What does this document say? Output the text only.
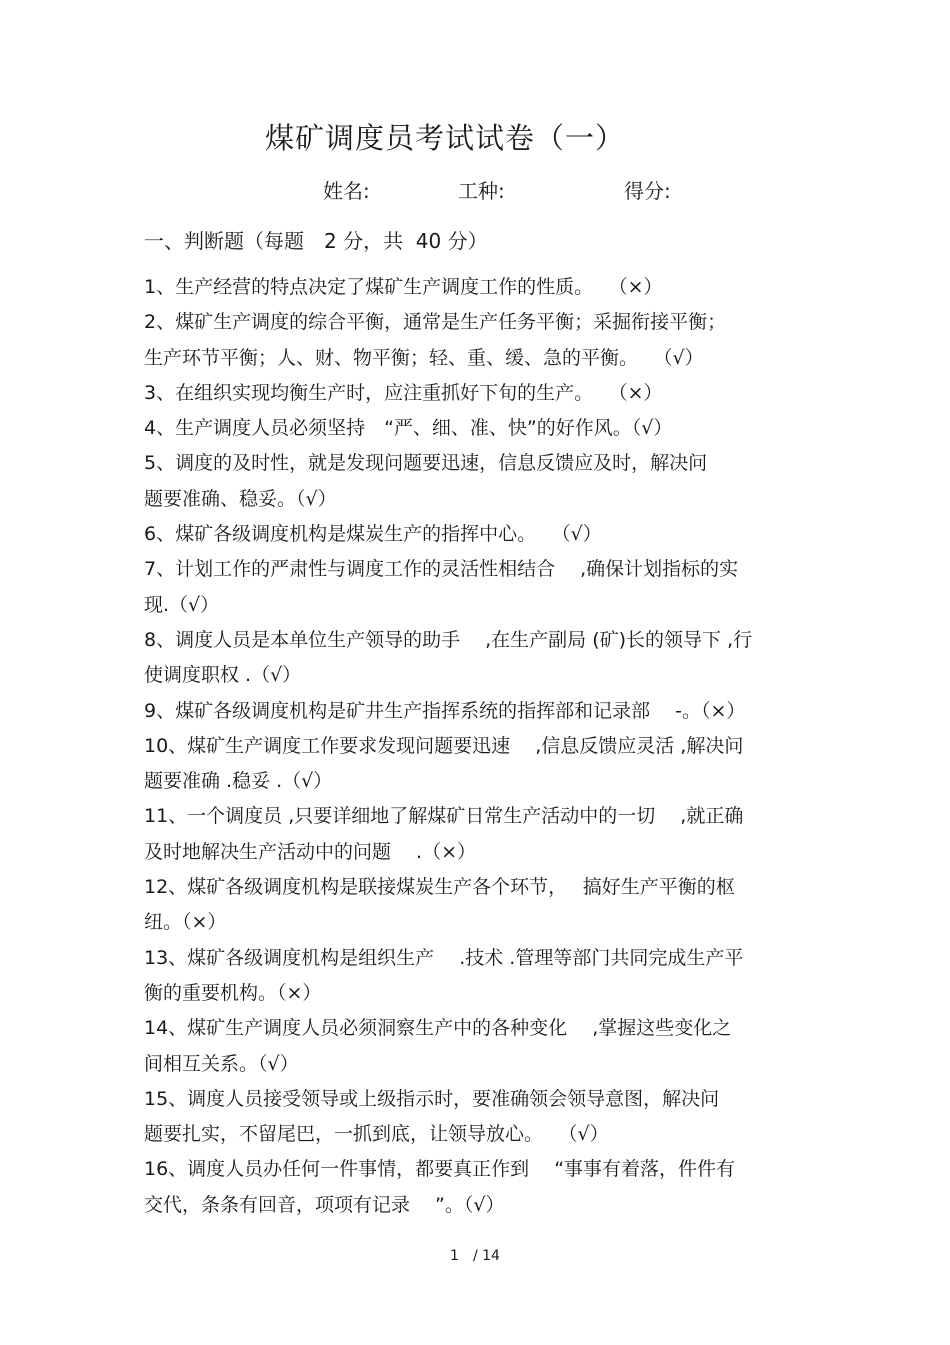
煤矿调度员考试试卷（一）
姓名:	工种:	得分:
一、判断题（每题　2 分，共  40 分）
1、生产经营的特点决定了煤矿生产调度工作的性质。　 （×）
2、煤矿生产调度的综合平衡，通常是生产任务平衡；采掘衔接平衡；
生产环节平衡；人、财、物平衡；轻、重、缓、急的平衡。　 （√）
3、在组织实现均衡生产时，应注重抓好下旬的生产。　 （×）
4、生产调度人员必须坚持　“严、细、准、快”的好作风。（√）
5、调度的及时性，就是发现问题要迅速，信息反馈应及时，解决问
题要准确、稳妥。（√）
6、煤矿各级调度机构是煤炭生产的指挥中心。　 （√）
7、计划工作的严肃性与调度工作的灵活性相结合　 ,确保计划指标的实
现.（√）
8、调度人员是本单位生产领导的助手　 ,在生产副局 (矿)长的领导下 ,行
使调度职权 .（√）
9、煤矿各级调度机构是矿井生产指挥系统的指挥部和记录部　 -。（×）
10、煤矿生产调度工作要求发现问题要迅速　 ,信息反馈应灵活 ,解决问
题要准确 .稳妥 .（√）
11、一个调度员 ,只要详细地了解煤矿日常生产活动中的一切　 ,就正确
及时地解决生产活动中的问题　 .（×）
12、煤矿各级调度机构是联接煤炭生产各个环节，　 搞好生产平衡的枢
纽。（×）
13、煤矿各级调度机构是组织生产　 .技术 .管理等部门共同完成生产平
衡的重要机构。（×）
14、煤矿生产调度人员必须洞察生产中的各种变化　 ,掌握这些变化之
间相互关系。（√）
15、调度人员接受领导或上级指示时，要准确领会领导意图，解决问
题要扎实，不留尾巴，一抓到底，让领导放心。　 （√）
16、调度人员办任何一件事情，都要真正作到　 “事事有着落，件件有
交代，条条有回音，项项有记录　 ”。（√）
1　/ 14
